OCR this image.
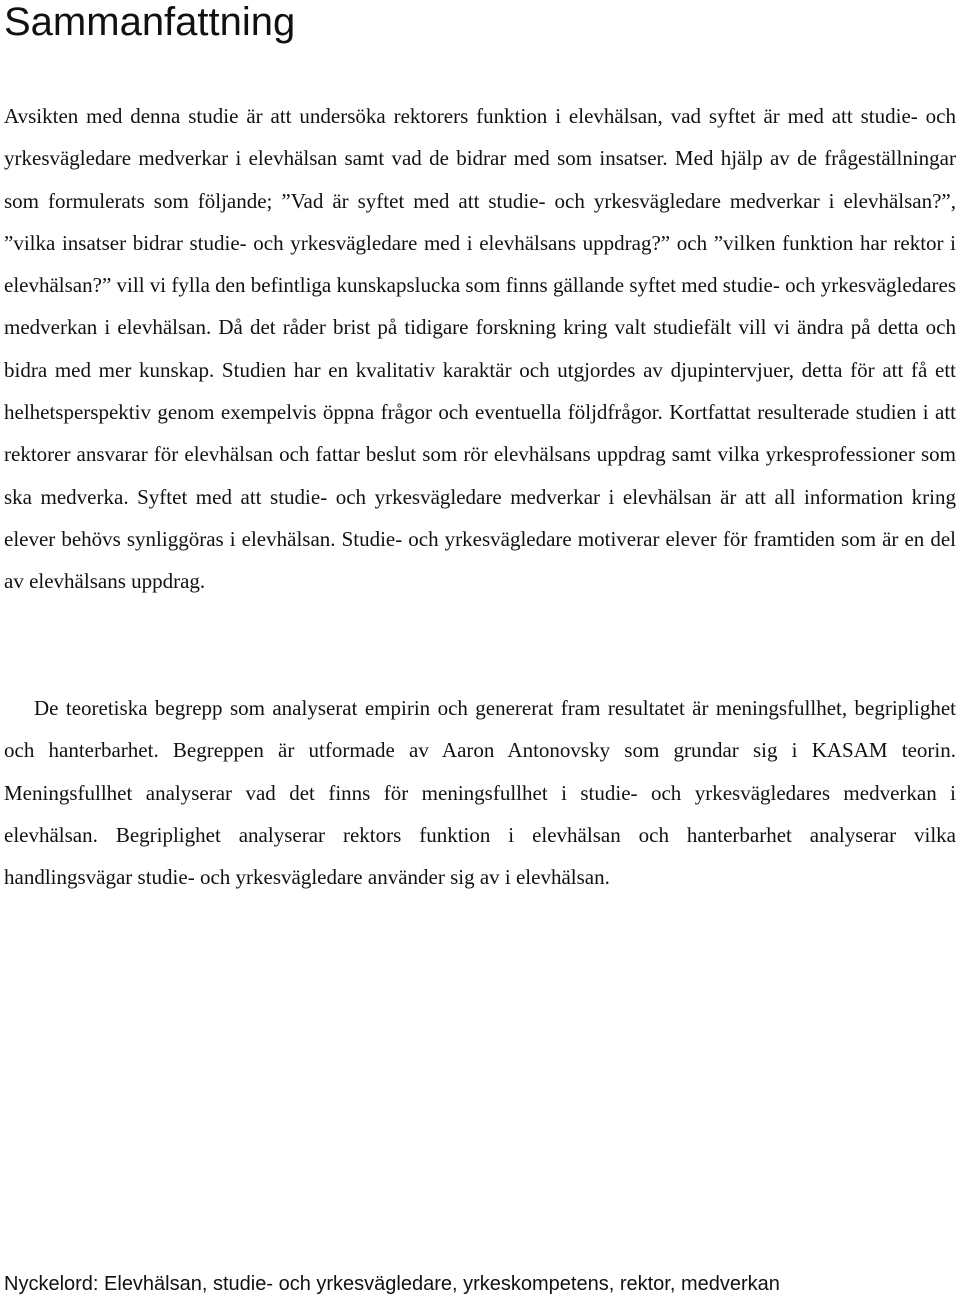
Sammanfattning

Avsikten med denna studie är att undersöka rektorers funktion i elevhälsan, vad syftet är med att studie- och yrkesvägledare medverkar i elevhälsan samt vad de bidrar med som insatser. Med hjälp av de frågeställningar som formulerats som följande; ”Vad är syftet med att studie- och yrkesvägledare medverkar i elevhälsan?”, ”vilka insatser bidrar studie- och yrkesvägledare med i elevhälsans uppdrag?” och ”vilken funktion har rektor i elevhälsan?” vill vi fylla den befintliga kunskapslucka som finns gällande syftet med studie- och yrkesvägledares medverkan i elevhälsan. Då det råder brist på tidigare forskning kring valt studiefält vill vi ändra på detta och bidra med mer kunskap. Studien har en kvalitativ karaktär och utgjordes av djupintervjuer, detta för att få ett helhetsperspektiv genom exempelvis öppna frågor och eventuella följdfrågor. Kortfattat resulterade studien i att rektorer ansvarar för elevhälsan och fattar beslut som rör elevhälsans uppdrag samt vilka yrkesprofessioner som ska medverka. Syftet med att studie- och yrkesvägledare medverkar i elevhälsan är att all information kring elever behövs synliggöras i elevhälsan. Studie- och yrkesvägledare motiverar elever för framtiden som är en del av elevhälsans uppdrag.

De teoretiska begrepp som analyserat empirin och genererat fram resultatet är meningsfullhet, begriplighet och hanterbarhet. Begreppen är utformade av Aaron Antonovsky som grundar sig i KASAM teorin. Meningsfullhet analyserar vad det finns för meningsfullhet i studie- och yrkesvägledares medverkan i elevhälsan. Begriplighet analyserar rektors funktion i elevhälsan och hanterbarhet analyserar vilka handlingsvägar studie- och yrkesvägledare använder sig av i elevhälsan.

Nyckelord: Elevhälsan, studie- och yrkesvägledare, yrkeskompetens, rektor, medverkan
